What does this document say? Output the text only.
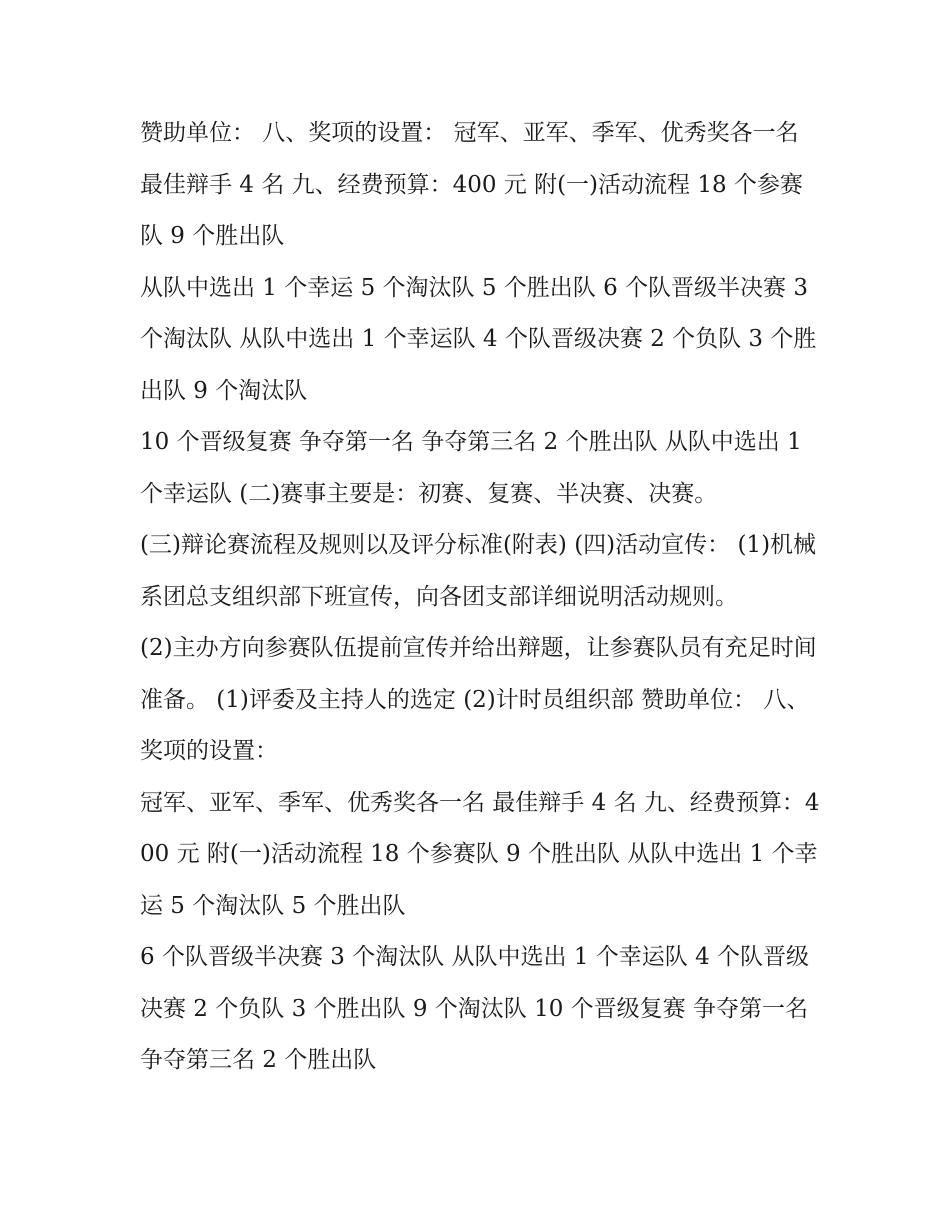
赞助单位： 八、奖项的设置： 冠军、亚军、季军、优秀奖各一名 最佳辩手 4 名 九、经费预算：400 元 附(一)活动流程 18 个参赛队 9 个胜出队

从队中选出 1 个幸运 5 个淘汰队 5 个胜出队 6 个队晋级半决赛 3 个淘汰队 从队中选出 1 个幸运队 4 个队晋级决赛 2 个负队 3 个胜出队 9 个淘汰队

10 个晋级复赛 争夺第一名 争夺第三名 2 个胜出队 从队中选出 1 个幸运队 (二)赛事主要是：初赛、复赛、半决赛、决赛。

(三)辩论赛流程及规则以及评分标准(附表) (四)活动宣传： (1)机械系团总支组织部下班宣传，向各团支部详细说明活动规则。

(2)主办方向参赛队伍提前宣传并给出辩题，让参赛队员有充足时间准备。 (1)评委及主持人的选定 (2)计时员组织部 赞助单位： 八、奖项的设置：

冠军、亚军、季军、优秀奖各一名 最佳辩手 4 名 九、经费预算：400 元 附(一)活动流程 18 个参赛队 9 个胜出队 从队中选出 1 个幸运 5 个淘汰队 5 个胜出队

6 个队晋级半决赛 3 个淘汰队 从队中选出 1 个幸运队 4 个队晋级决赛 2 个负队 3 个胜出队 9 个淘汰队 10 个晋级复赛 争夺第一名 争夺第三名 2 个胜出队
